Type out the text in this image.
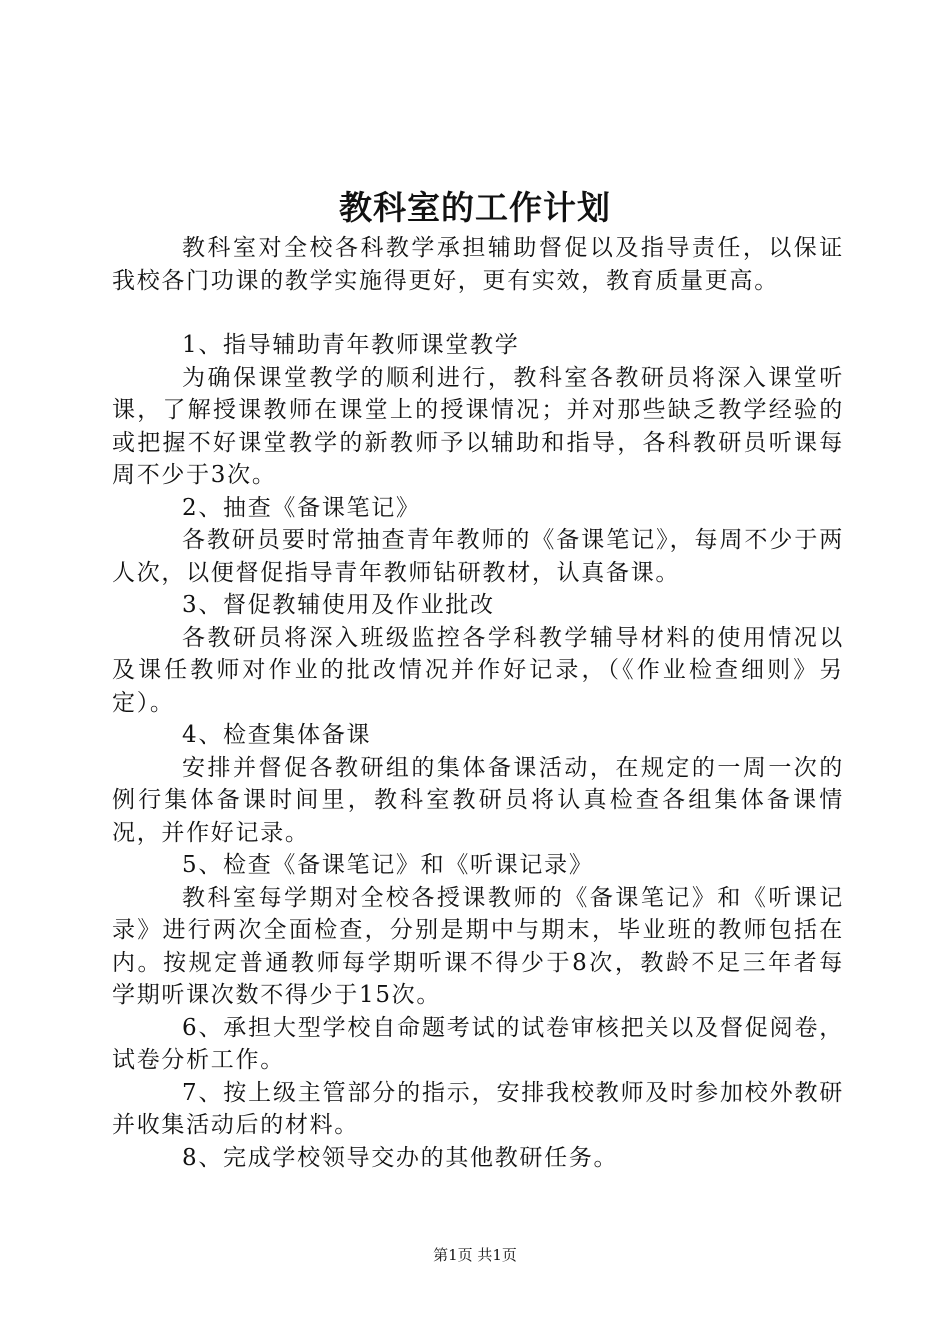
教科室的工作计划

教科室对全校各科教学承担辅助督促以及指导责任，以保证我校各门功课的教学实施得更好，更有实效，教育质量更高。

1、指导辅助青年教师课堂教学

为确保课堂教学的顺利进行，教科室各教研员将深入课堂听课，了解授课教师在课堂上的授课情况；并对那些缺乏教学经验的或把握不好课堂教学的新教师予以辅助和指导，各科教研员听课每周不少于3次。

2、抽查《备课笔记》

各教研员要时常抽查青年教师的《备课笔记》，每周不少于两人次，以便督促指导青年教师钻研教材，认真备课。

3、督促教辅使用及作业批改

各教研员将深入班级监控各学科教学辅导材料的使用情况以及课任教师对作业的批改情况并作好记录，（《作业检查细则》另定）。

4、检查集体备课

安排并督促各教研组的集体备课活动，在规定的一周一次的例行集体备课时间里，教科室教研员将认真检查各组集体备课情况，并作好记录。

5、检查《备课笔记》和《听课记录》

教科室每学期对全校各授课教师的《备课笔记》和《听课记录》进行两次全面检查，分别是期中与期末，毕业班的教师包括在内。按规定普通教师每学期听课不得少于8次，教龄不足三年者每学期听课次数不得少于15次。

6、承担大型学校自命题考试的试卷审核把关以及督促阅卷，试卷分析工作。

7、按上级主管部分的指示，安排我校教师及时参加校外教研并收集活动后的材料。

8、完成学校领导交办的其他教研任务。

第1页 共1页
